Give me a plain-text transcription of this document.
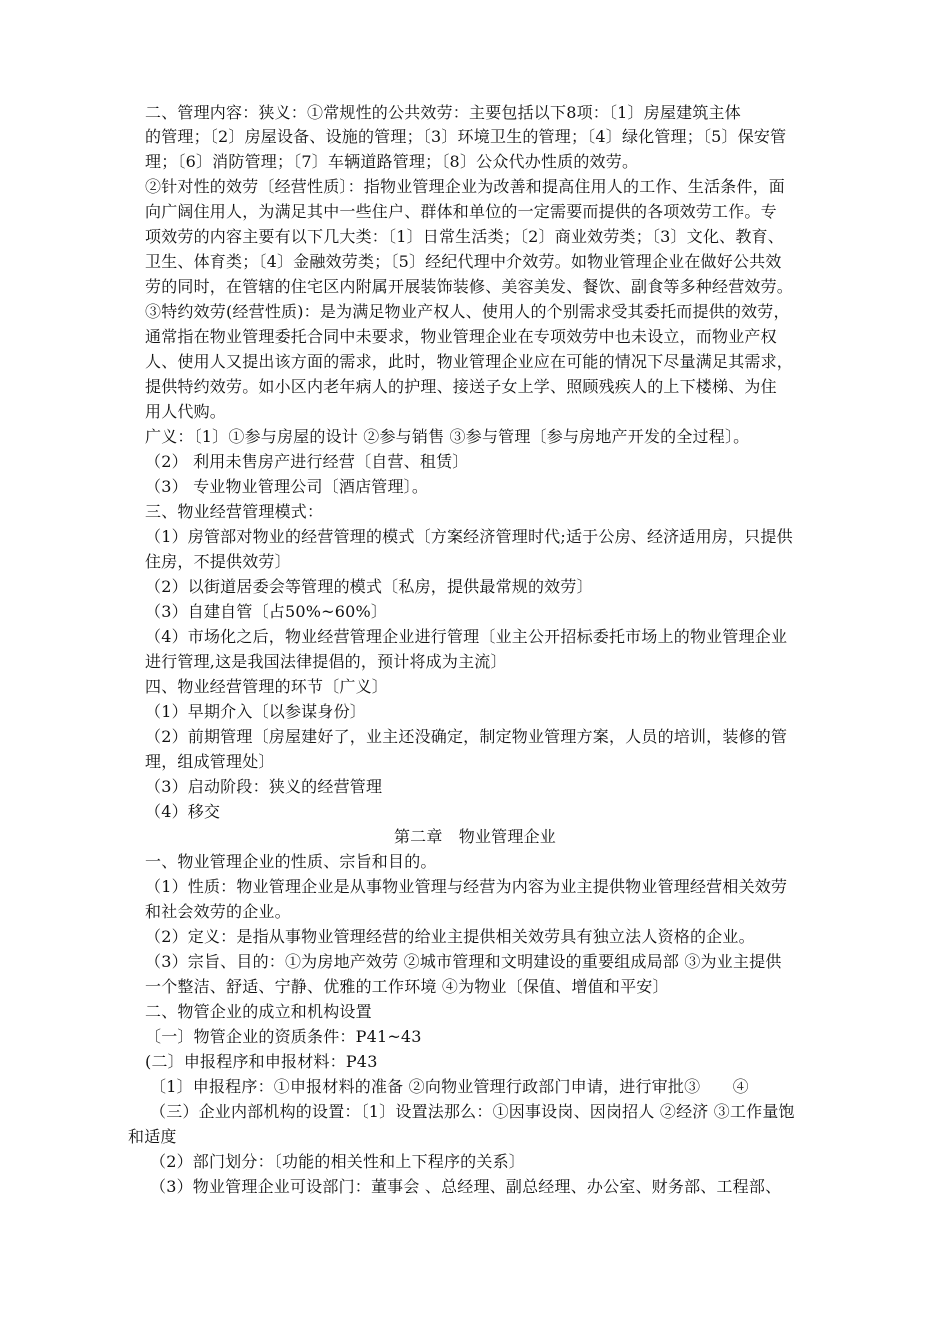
二、管理内容：狭义：①常规性的公共效劳：主要包括以下8项：〔1〕房屋建筑主体
的管理；〔2〕房屋设备、设施的管理；〔3〕环境卫生的管理；〔4〕绿化管理；〔5〕保安管
理；〔6〕消防管理；〔7〕车辆道路管理；〔8〕公众代办性质的效劳。
②针对性的效劳〔经营性质〕：指物业管理企业为改善和提高住用人的工作、生活条件，面
向广阔住用人，为满足其中一些住户、群体和单位的一定需要而提供的各项效劳工作。专
项效劳的内容主要有以下几大类：〔1〕日常生活类；〔2〕商业效劳类；〔3〕文化、教育、
卫生、体育类；〔4〕金融效劳类；〔5〕经纪代理中介效劳。如物业管理企业在做好公共效
劳的同时，在管辖的住宅区内附属开展装饰装修、美容美发、餐饮、副食等多种经营效劳。
③特约效劳(经营性质)：是为满足物业产权人、使用人的个别需求受其委托而提供的效劳，
通常指在物业管理委托合同中未要求，物业管理企业在专项效劳中也未设立，而物业产权
人、使用人又提出该方面的需求，此时，物业管理企业应在可能的情况下尽量满足其需求，
提供特约效劳。如小区内老年病人的护理、接送子女上学、照顾残疾人的上下楼梯、为住
用人代购。
广义：〔1〕①参与房屋的设计 ②参与销售 ③参与管理〔参与房地产开发的全过程〕。
（2） 利用未售房产进行经营〔自营、租赁〕
（3） 专业物业管理公司〔酒店管理〕。
三、物业经营管理模式：
（1）房管部对物业的经营管理的模式〔方案经济管理时代;适于公房、经济适用房，只提供
住房，不提供效劳〕
（2）以街道居委会等管理的模式〔私房，提供最常规的效劳〕
（3）自建自管〔占50%~60%〕
（4）市场化之后，物业经营管理企业进行管理〔业主公开招标委托市场上的物业管理企业
进行管理,这是我国法律提倡的，预计将成为主流〕
四、物业经营管理的环节〔广义〕
（1）早期介入〔以参谋身份〕
（2）前期管理〔房屋建好了，业主还没确定，制定物业管理方案，人员的培训，装修的管
理，组成管理处〕
（3）启动阶段：狭义的经营管理
（4）移交
第二章　物业管理企业
一、物业管理企业的性质、宗旨和目的。
（1）性质：物业管理企业是从事物业管理与经营为内容为业主提供物业管理经营相关效劳
和社会效劳的企业。
（2）定义：是指从事物业管理经营的给业主提供相关效劳具有独立法人资格的企业。
（3）宗旨、目的：①为房地产效劳 ②城市管理和文明建设的重要组成局部 ③为业主提供
一个整洁、舒适、宁静、优雅的工作环境 ④为物业〔保值、增值和平安〕
二、物管企业的成立和机构设置
〔一〕物管企业的资质条件：P41~43
(二〕申报程序和申报材料：P43
〔1〕申报程序：①申报材料的准备 ②向物业管理行政部门申请，进行审批③　　④
（三）企业内部机构的设置：〔1〕设置法那么：①因事设岗、因岗招人 ②经济 ③工作量饱
和适度
（2）部门划分：〔功能的相关性和上下程序的关系〕
（3）物业管理企业可设部门：董事会 、总经理、副总经理、办公室、财务部、工程部、
